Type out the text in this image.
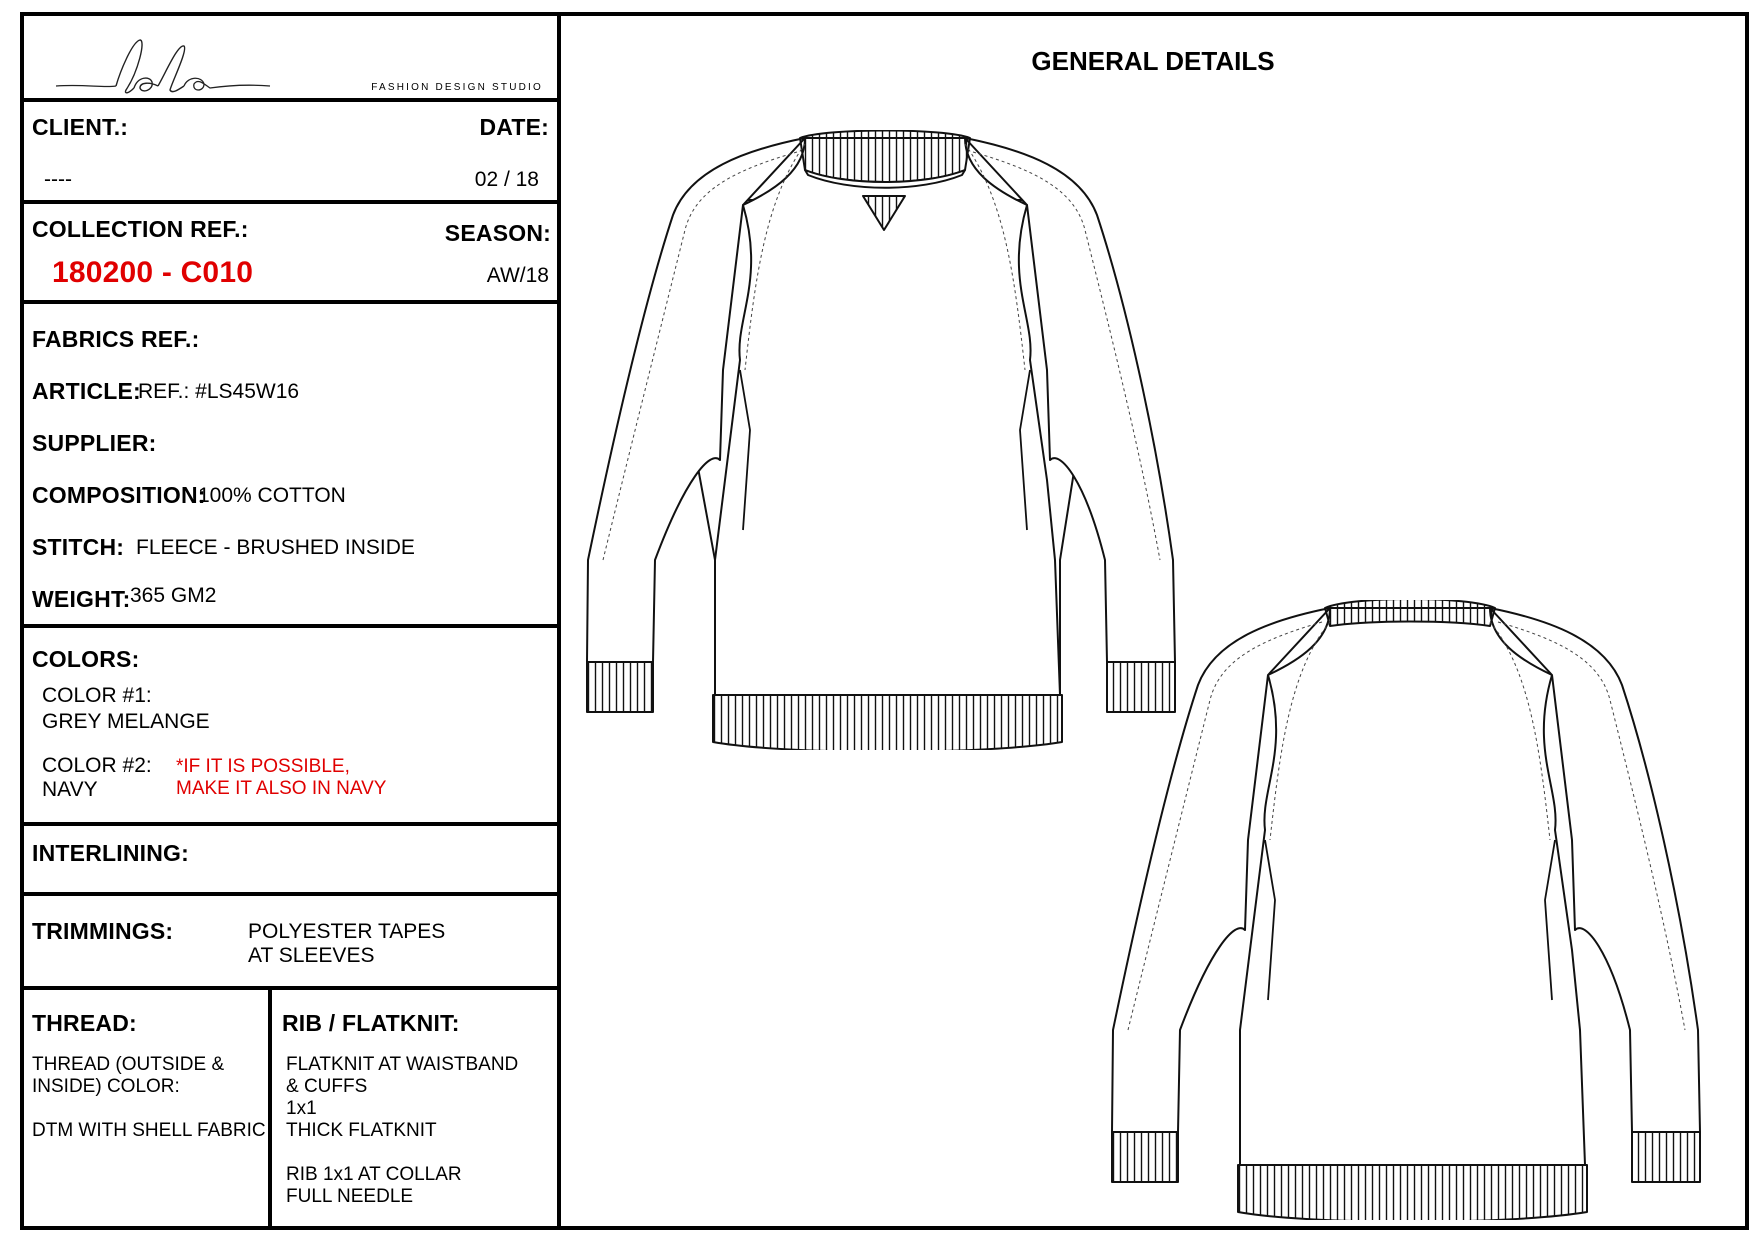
FASHION DESIGN STUDIO
GENERAL DETAILS
CLIENT.:
----
DATE:
02 / 18
COLLECTION REF.:
180200 - C010
SEASON:
AW/18
FABRICS REF.:
ARTICLE:
REF.: #LS45W16
SUPPLIER:
COMPOSITION:
100% COTTON
STITCH: FLEECE - BRUSHED INSIDE
WEIGHT: 365 GM2
COLORS:
COLOR #1:
GREY MELANGE
COLOR #2:
NAVY
*IF IT IS POSSIBLE,
MAKE IT ALSO IN NAVY
INTERLINING:
TRIMMINGS:	POLYESTER TAPES
AT SLEEVES
THREAD:
THREAD (OUTSIDE &
INSIDE) COLOR:
DTM WITH SHELL FABRIC
RIB / FLATKNIT:
FLATKNIT AT WAISTBAND
& CUFFS
1x1
THICK FLATKNIT
RIB 1x1 AT COLLAR
FULL NEEDLE
